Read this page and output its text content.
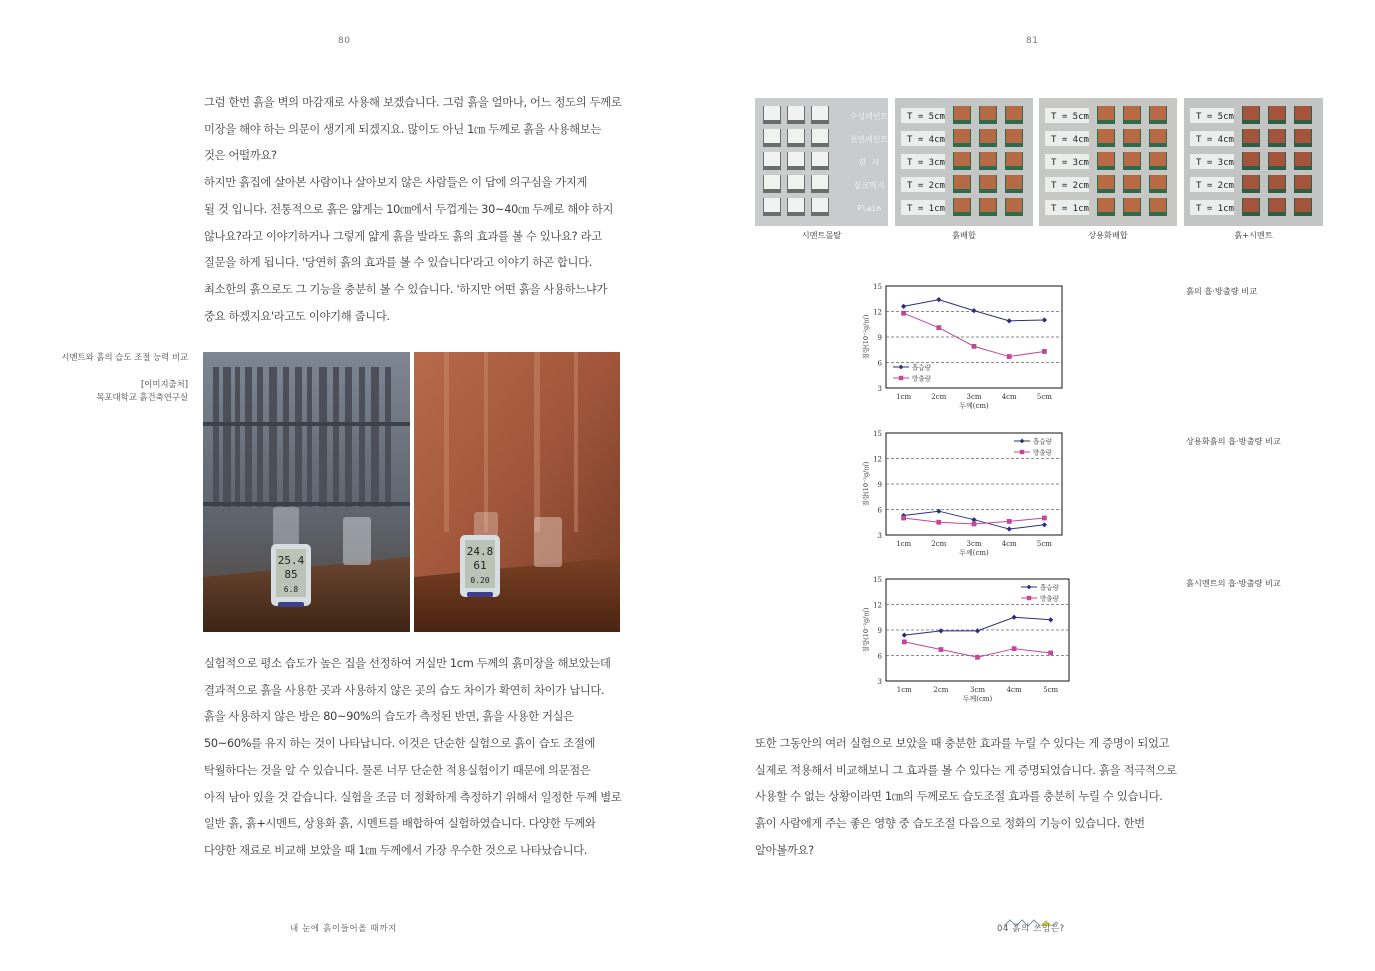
80

그럼 한번 흙을 벽의 마감재로 사용해 보겠습니다. 그럼 흙을 얼마나, 어느 정도의 두께로

미장을 해야 하는 의문이 생기게 되겠지요. 많이도 아닌 1㎝ 두께로 흙을 사용해보는

것은 어떨까요?

하지만 흙집에 살아본 사람이나 살아보지 않은 사람들은 이 답에 의구심을 가지게

될 것 입니다. 전통적으로 흙은 얇게는 10㎝에서 두껍게는 30~40㎝ 두께로 해야 하지

않나요?라고 이야기하거나 그렇게 얇게 흙을 발라도 흙의 효과를 볼 수 있나요? 라고

질문을 하게 됩니다. '당연히 흙의 효과를 볼 수 있습니다'라고 이야기 하곤 합니다.

최소한의 흙으로도 그 기능을 충분히 볼 수 있습니다. '하지만 어떤 흙을 사용하느냐가

중요 하겠지요'라고도 이야기해 줍니다.

시멘트와 흙의 습도 조절 능력 비교
[이미지출처]
목포대학교 흙건축연구실
25.4
85
6.8
24.8
61
0.20

실험적으로 평소 습도가 높은 집을 선정하여 거실만 1cm 두께의 흙미장을 해보았는데

결과적으로 흙을 사용한 곳과 사용하지 않은 곳의 습도 차이가 확연히 차이가 납니다.

흙을 사용하지 않은 방은 80~90%의 습도가 측정된 반면, 흙을 사용한 거실은

50~60%를 유지 하는 것이 나타납니다. 이것은 단순한 실험으로 흙이 습도 조절에

탁월하다는 것을 알 수 있습니다. 물론 너무 단순한 적용실험이기 때문에 의문점은

아직 남아 있을 것 같습니다. 실험을 조금 더 정확하게 측정하기 위해서 일정한 두께 별로

일반 흙, 흙+시멘트, 상용화 흙, 시멘트를 배합하여 실험하였습니다. 다양한 두께와

다양한 재료로 비교해 보았을 때 1㎝ 두께에서 가장 우수한 것으로 나타났습니다.

내 눈에 흙이들어올 때까지
81
수성페인트
천연페인트
한 지
실크벽지
Plain
T = 5cm
T = 4cm
T = 3cm
T = 2cm
T = 1cm
T = 5cm
T = 4cm
T = 3cm
T = 2cm
T = 1cm
T = 5cm
T = 4cm
T = 3cm
T = 2cm
T = 1cm
시멘트몰탈	흙배합	상용화배합	흙+시멘트
3
6
9
12
15
1cm	2cm	3cm	4cm	5cm
두께(cm)
질량(10⁻²g/㎡)
흡습량
방출량
3
6
9
12
15
1cm	2cm	3cm	4cm	5cm
두께(cm)
질량(10⁻²g/㎡)
흡습량
방출량
3
6
9
12
15
1cm	2cm	3cm	4cm	5cm
두께(cm)
질량(10⁻²g/㎡)
흡습량
방출량
흙의 흡·방출량 비교
상용화흙의 흡·방출량 비교
흙시멘트의 흡·방출량 비교

또한 그동안의 여러 실험으로 보았을 때 충분한 효과를 누릴 수 있다는 게 증명이 되었고

실제로 적용해서 비교해보니 그 효과를 볼 수 있다는 게 증명되었습니다. 흙을 적극적으로

사용할 수 없는 상황이라면 1㎝의 두께로도 습도조절 효과를 충분히 누릴 수 있습니다.

흙이 사람에게 주는 좋은 영향 중 습도조절 다음으로 정화의 기능이 있습니다. 한번

알아볼까요?

04 흙의 쓰임은?
